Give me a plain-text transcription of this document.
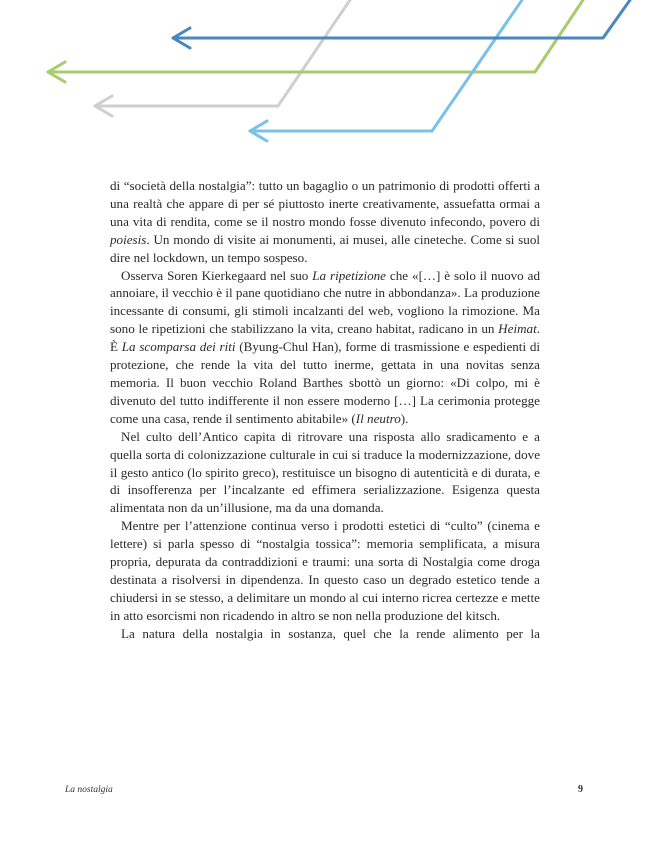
di “società della nostalgia”: tutto un bagaglio o un patrimonio di prodotti offerti a una realtà che appare di per sé piuttosto inerte creativamente, assuefatta ormai a una vita di rendita, come se il nostro mondo fosse divenuto infecondo, povero di poiesis. Un mondo di visite ai monumenti, ai musei, alle cineteche. Come si suol dire nel lockdown, un tempo sospeso.

Osserva Soren Kierkegaard nel suo La ripetizione che «[…] è solo il nuovo ad annoiare, il vecchio è il pane quotidiano che nutre in abbondanza». La produzione incessante di consumi, gli stimoli incalzanti del web, vogliono la rimozione. Ma sono le ripetizioni che stabilizzano la vita, creano habitat, radicano in un Heimat. È La scomparsa dei riti (Byung-Chul Han), forme di trasmissione e espedienti di protezione, che rende la vita del tutto inerme, gettata in una novitas senza memoria. Il buon vecchio Roland Barthes sbottò un giorno: «Di colpo, mi è divenuto del tutto indifferente il non essere moderno […] La cerimonia protegge come una casa, rende il sentimento abitabile» (Il neutro).

Nel culto dell’Antico capita di ritrovare una risposta allo sradicamento e a quella sorta di colonizzazione culturale in cui si traduce la modernizzazione, dove il gesto antico (lo spirito greco), restituisce un bisogno di autenticità e di durata, e di insofferenza per l’incalzante ed effimera serializzazione. Esigenza questa alimentata non da un’illusione, ma da una domanda.

Mentre per l’attenzione continua verso i prodotti estetici di “culto” (cinema e lettere) si parla spesso di “nostalgia tossica”: memoria semplificata, a misura propria, depurata da contraddizioni e traumi: una sorta di Nostalgia come droga destinata a risolversi in dipendenza. In questo caso un degrado estetico tende a chiudersi in se stesso, a delimitare un mondo al cui interno ricrea certezze e mette in atto esorcismi non ricadendo in altro se non nella produzione del kitsch.

La natura della nostalgia in sostanza, quel che la rende alimento per la

La nostalgia	9
